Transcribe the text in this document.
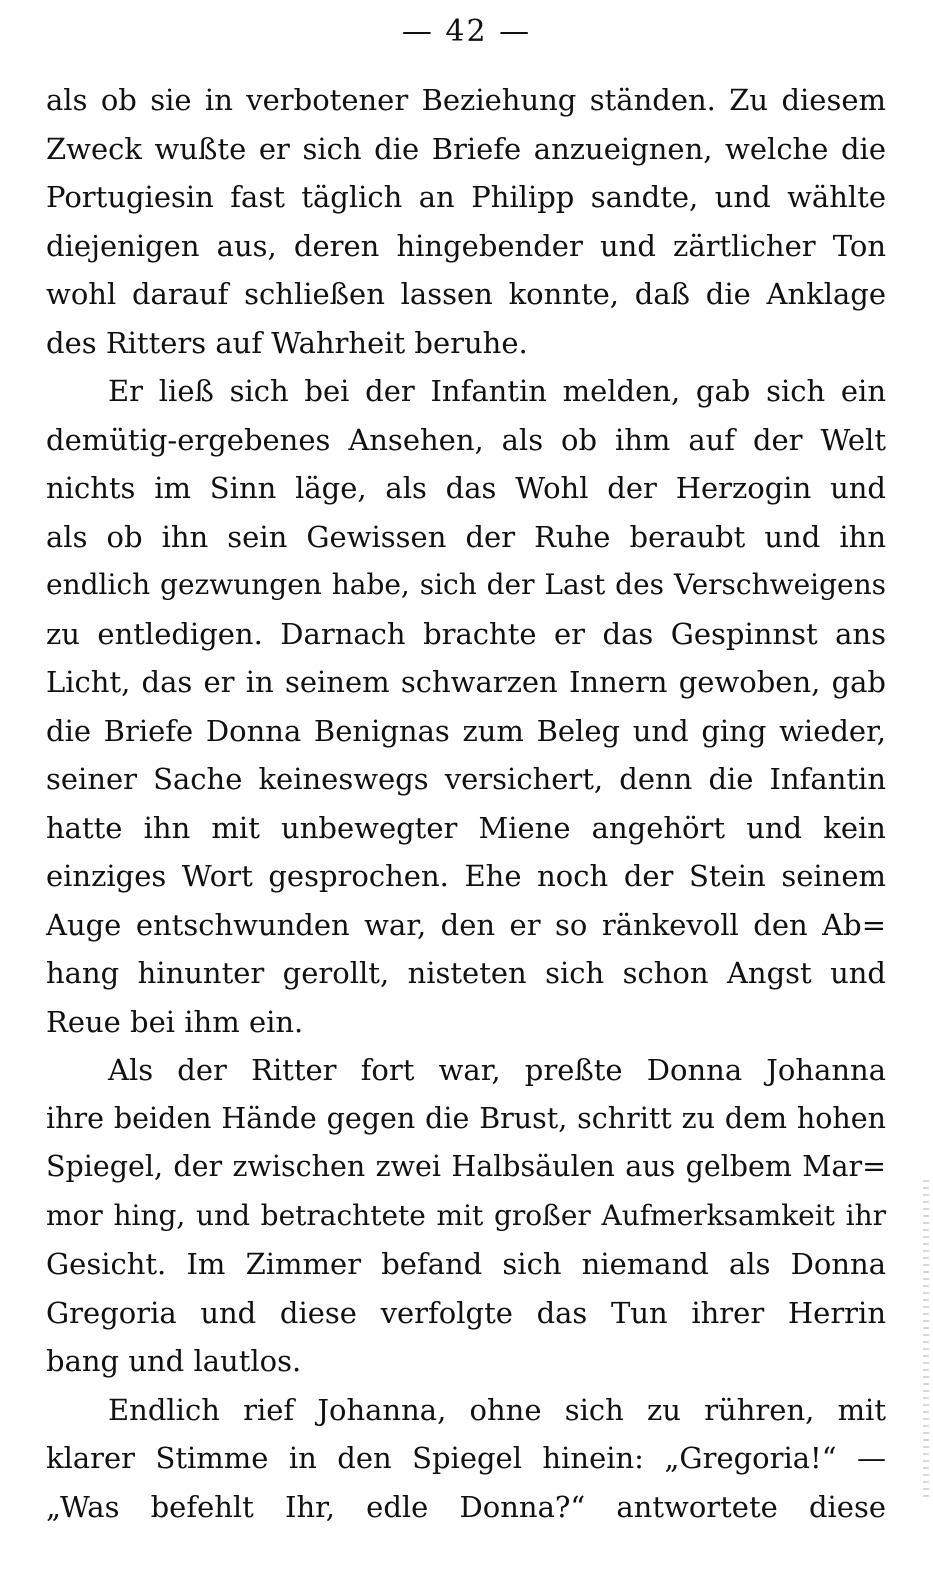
— 42 —
als ob sie in verbotener Beziehung ständen. Zu diesem
Zweck wußte er sich die Briefe anzueignen, welche die
Portugiesin fast täglich an Philipp sandte, und wählte
diejenigen aus, deren hingebender und zärtlicher Ton
wohl darauf schließen lassen konnte, daß die Anklage
des Ritters auf Wahrheit beruhe.
Er ließ sich bei der Infantin melden, gab sich ein
demütig-ergebenes Ansehen, als ob ihm auf der Welt
nichts im Sinn läge, als das Wohl der Herzogin und
als ob ihn sein Gewissen der Ruhe beraubt und ihn
endlich gezwungen habe, sich der Last des Verschweigens
zu entledigen. Darnach brachte er das Gespinnst ans
Licht, das er in seinem schwarzen Innern gewoben, gab
die Briefe Donna Benignas zum Beleg und ging wieder,
seiner Sache keineswegs versichert, denn die Infantin
hatte ihn mit unbewegter Miene angehört und kein
einziges Wort gesprochen. Ehe noch der Stein seinem
Auge entschwunden war, den er so ränkevoll den Ab=
hang hinunter gerollt, nisteten sich schon Angst und
Reue bei ihm ein.
Als der Ritter fort war, preßte Donna Johanna
ihre beiden Hände gegen die Brust, schritt zu dem hohen
Spiegel, der zwischen zwei Halbsäulen aus gelbem Mar=
mor hing, und betrachtete mit großer Aufmerksamkeit ihr
Gesicht. Im Zimmer befand sich niemand als Donna
Gregoria und diese verfolgte das Tun ihrer Herrin
bang und lautlos.
Endlich rief Johanna, ohne sich zu rühren, mit
klarer Stimme in den Spiegel hinein: „Gregoria!“ —
„Was befehlt Ihr, edle Donna?“ antwortete diese
